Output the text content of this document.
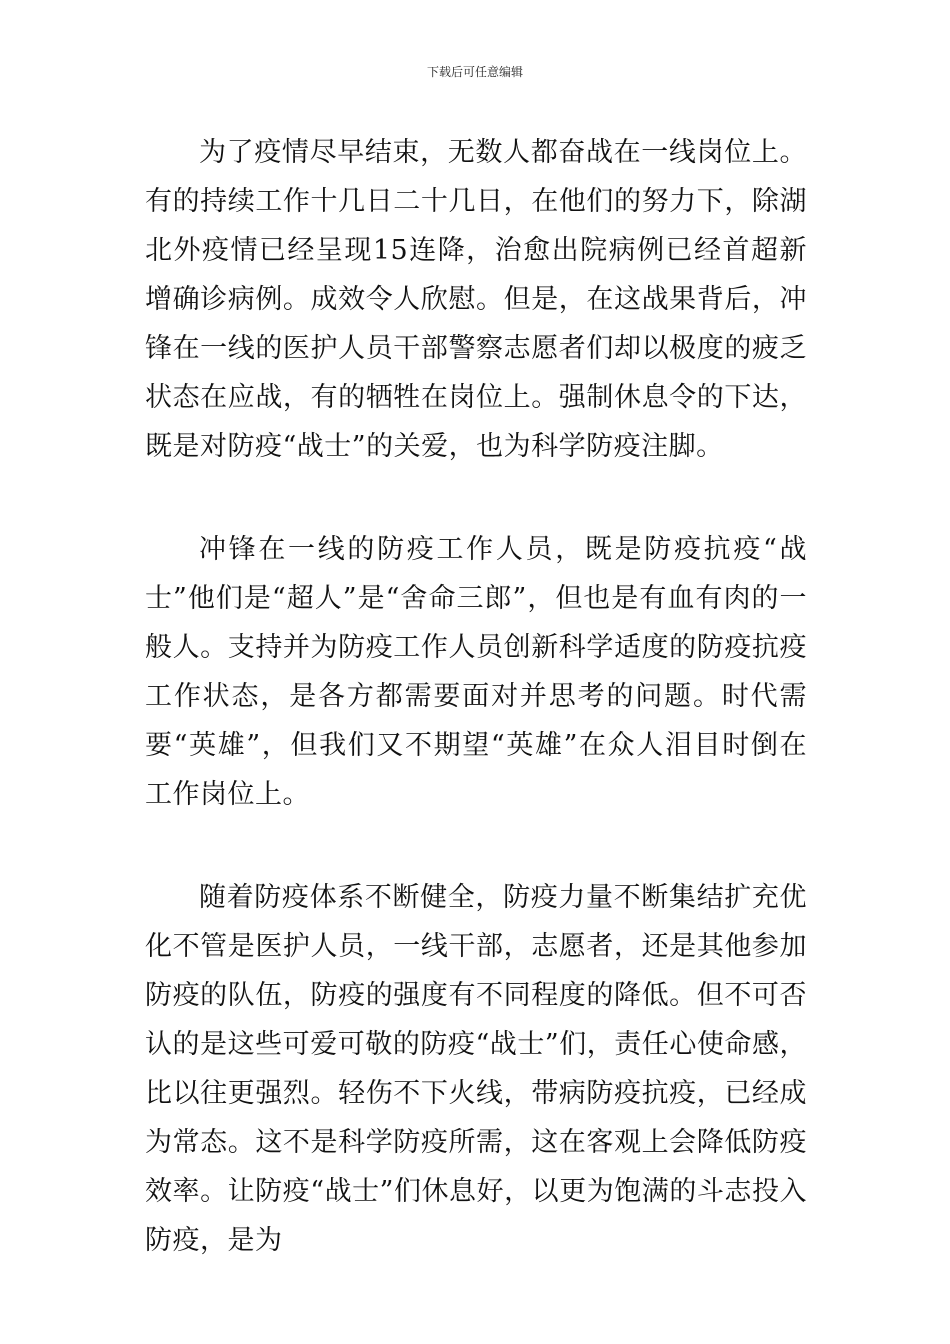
下载后可任意编辑

为了疫情尽早结束，无数人都奋战在一线岗位上。有的持续工作十几日二十几日，在他们的努力下，除湖北外疫情已经呈现15连降，治愈出院病例已经首超新增确诊病例。成效令人欣慰。但是，在这战果背后，冲锋在一线的医护人员干部警察志愿者们却以极度的疲乏状态在应战，有的牺牲在岗位上。强制休息令的下达，既是对防疫“战士”的关爱，也为科学防疫注脚。

冲锋在一线的防疫工作人员，既是防疫抗疫“战士”他们是“超人”是“舍命三郎”，但也是有血有肉的一般人。支持并为防疫工作人员创新科学适度的防疫抗疫工作状态，是各方都需要面对并思考的问题。时代需要“英雄”，但我们又不期望“英雄”在众人泪目时倒在工作岗位上。

随着防疫体系不断健全，防疫力量不断集结扩充优化不管是医护人员，一线干部，志愿者，还是其他参加防疫的队伍，防疫的强度有不同程度的降低。但不可否认的是这些可爱可敬的防疫“战士”们，责任心使命感，比以往更强烈。轻伤不下火线，带病防疫抗疫，已经成为常态。这不是科学防疫所需，这在客观上会降低防疫效率。让防疫“战士”们休息好，以更为饱满的斗志投入防疫，是为
